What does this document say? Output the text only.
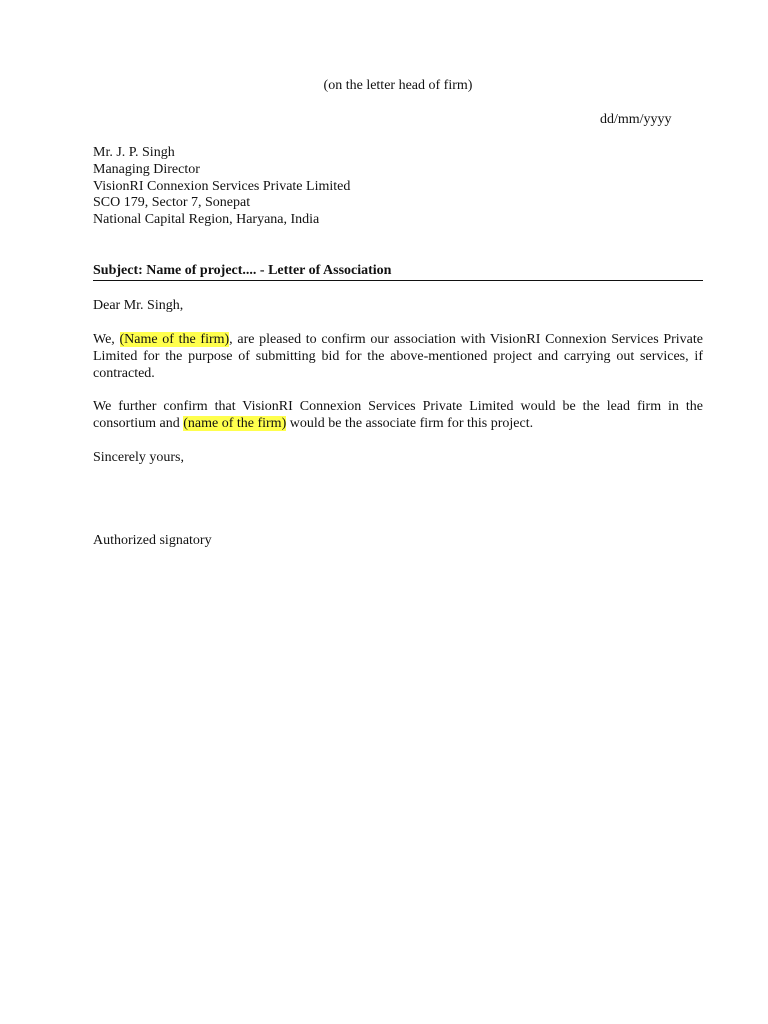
(on the letter head of firm)
dd/mm/yyyy
Mr. J. P. Singh
Managing Director
VisionRI Connexion Services Private Limited
SCO 179, Sector 7, Sonepat
National Capital Region, Haryana, India
Subject: Name of project.... - Letter of Association
Dear Mr. Singh,
We, (Name of the firm), are pleased to confirm our association with VisionRI Connexion Services Private Limited for the purpose of submitting bid for the above-mentioned project and carrying out services, if contracted.
We further confirm that VisionRI Connexion Services Private Limited would be the lead firm in the consortium and (name of the firm) would be the associate firm for this project.
Sincerely yours,
Authorized signatory
